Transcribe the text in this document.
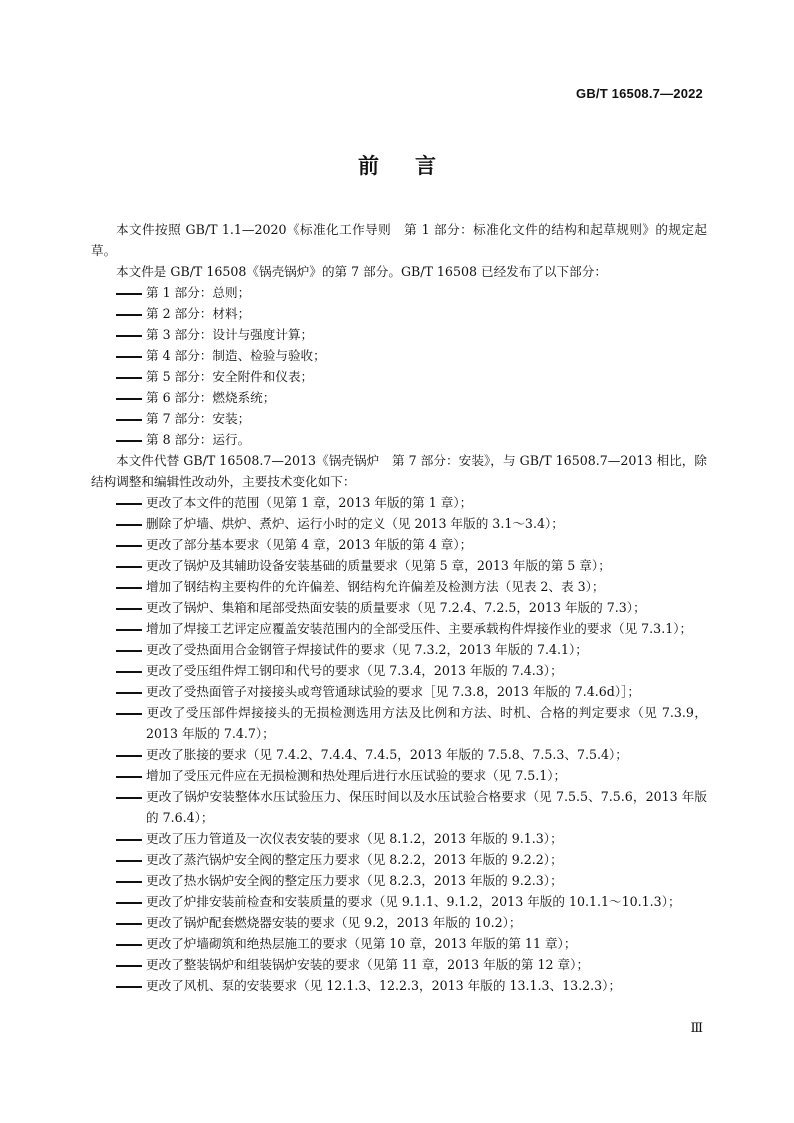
GB/T 16508.7—2022
前言

本文件按照 GB/T 1.1—2020《标准化工作导则　第 1 部分：标准化文件的结构和起草规则》的规定起草。

本文件是 GB/T 16508《锅壳锅炉》的第 7 部分。GB/T 16508 已经发布了以下部分：

第 1 部分：总则；

第 2 部分：材料；

第 3 部分：设计与强度计算；

第 4 部分：制造、检验与验收；

第 5 部分：安全附件和仪表；

第 6 部分：燃烧系统；

第 7 部分：安装；

第 8 部分：运行。

本文件代替 GB/T 16508.7—2013《锅壳锅炉　第 7 部分：安装》，与 GB/T 16508.7—2013 相比，除结构调整和编辑性改动外，主要技术变化如下：

更改了本文件的范围（见第 1 章，2013 年版的第 1 章）；

删除了炉墙、烘炉、煮炉、运行小时的定义（见 2013 年版的 3.1～3.4）；

更改了部分基本要求（见第 4 章，2013 年版的第 4 章）；

更改了锅炉及其辅助设备安装基础的质量要求（见第 5 章，2013 年版的第 5 章）；

增加了钢结构主要构件的允许偏差、钢结构允许偏差及检测方法（见表 2、表 3）；

更改了锅炉、集箱和尾部受热面安装的质量要求（见 7.2.4、7.2.5，2013 年版的 7.3）；

增加了焊接工艺评定应覆盖安装范围内的全部受压件、主要承载构件焊接作业的要求（见 7.3.1）；

更改了受热面用合金钢管子焊接试件的要求（见 7.3.2，2013 年版的 7.4.1）；

更改了受压组件焊工钢印和代号的要求（见 7.3.4，2013 年版的 7.4.3）；

更改了受热面管子对接接头或弯管通球试验的要求［见 7.3.8，2013 年版的 7.4.6d）］；

更改了受压部件焊接接头的无损检测选用方法及比例和方法、时机、合格的判定要求（见 7.3.9，2013 年版的 7.4.7）；

更改了胀接的要求（见 7.4.2、7.4.4、7.4.5，2013 年版的 7.5.8、7.5.3、7.5.4）；

增加了受压元件应在无损检测和热处理后进行水压试验的要求（见 7.5.1）；

更改了锅炉安装整体水压试验压力、保压时间以及水压试验合格要求（见 7.5.5、7.5.6，2013 年版的 7.6.4）；

更改了压力管道及一次仪表安装的要求（见 8.1.2，2013 年版的 9.1.3）；

更改了蒸汽锅炉安全阀的整定压力要求（见 8.2.2，2013 年版的 9.2.2）；

更改了热水锅炉安全阀的整定压力要求（见 8.2.3，2013 年版的 9.2.3）；

更改了炉排安装前检查和安装质量的要求（见 9.1.1、9.1.2，2013 年版的 10.1.1～10.1.3）；

更改了锅炉配套燃烧器安装的要求（见 9.2，2013 年版的 10.2）；

更改了炉墙砌筑和绝热层施工的要求（见第 10 章，2013 年版的第 11 章）；

更改了整装锅炉和组装锅炉安装的要求（见第 11 章，2013 年版的第 12 章）；

更改了风机、泵的安装要求（见 12.1.3、12.2.3，2013 年版的 13.1.3、13.2.3）；

Ⅲ
